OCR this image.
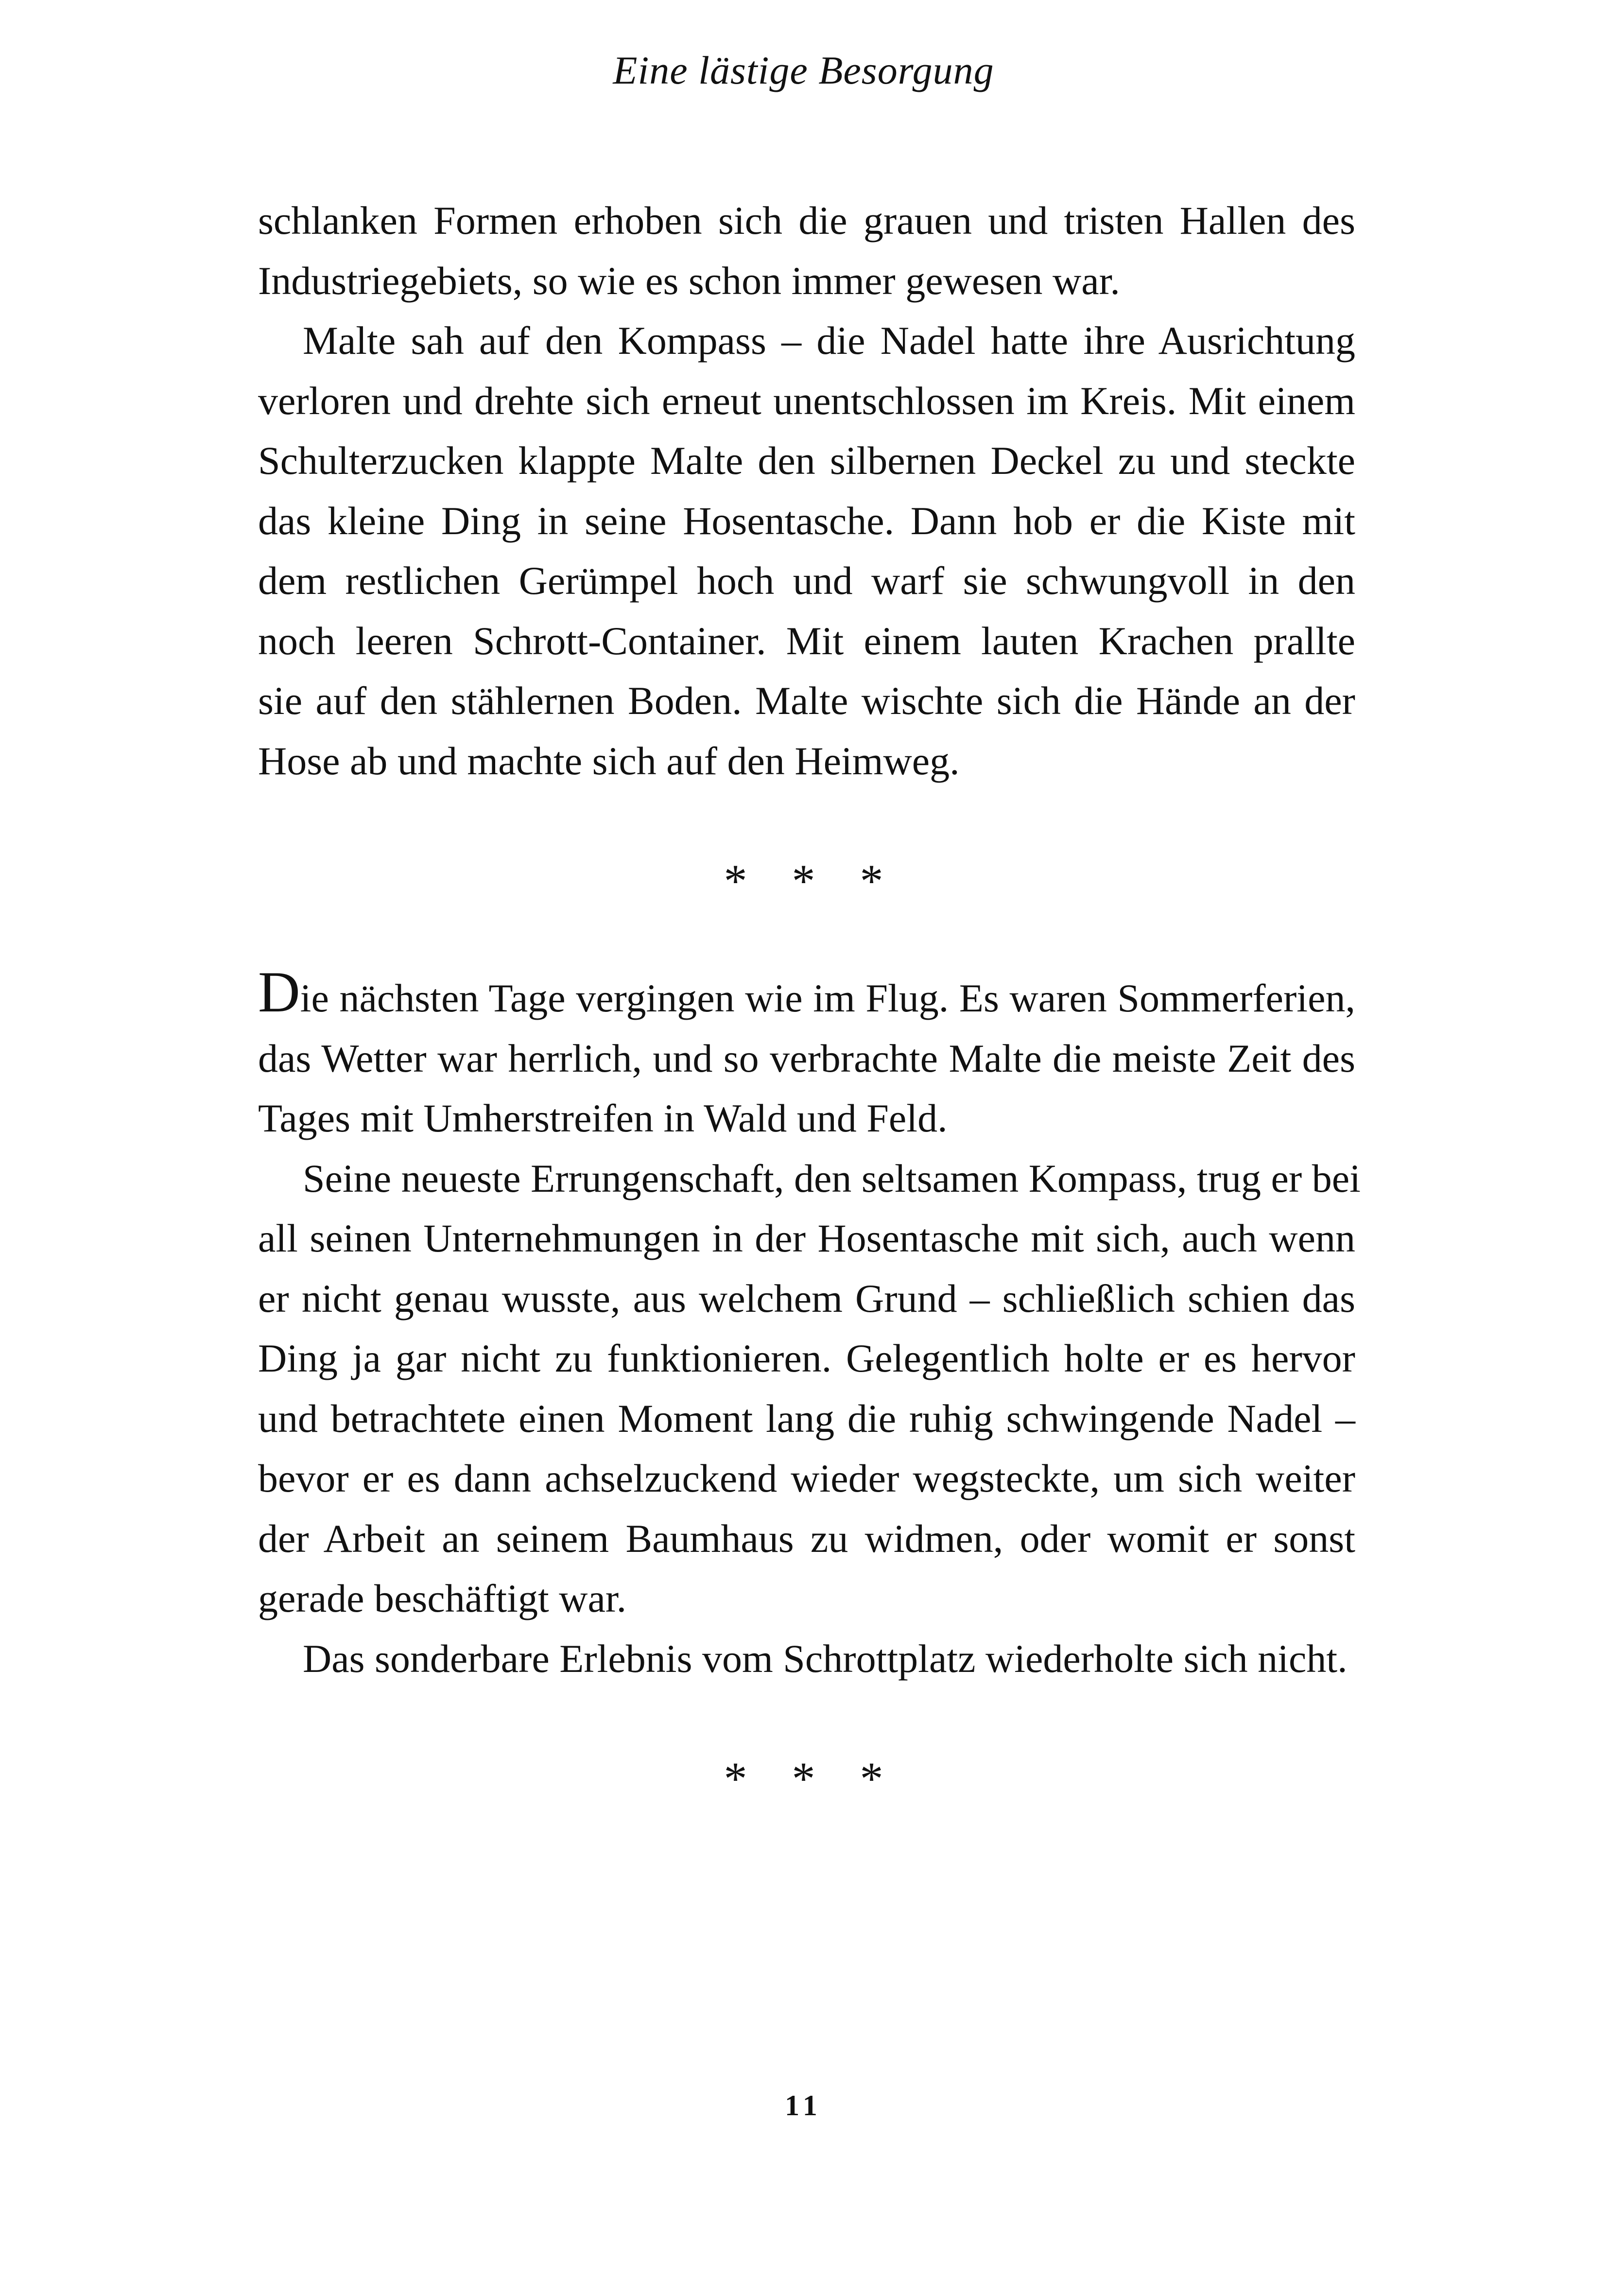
Eine lästige Besorgung

schlanken Formen erhoben sich die grauen und tristen Hallen des

Industriegebiets, so wie es schon immer gewesen war.

Malte sah auf den Kompass – die Nadel hatte ihre Ausrichtung

verloren und drehte sich erneut unentschlossen im Kreis. Mit einem

Schulterzucken klappte Malte den silbernen Deckel zu und steckte

das kleine Ding in seine Hosentasche. Dann hob er die Kiste mit

dem restlichen Gerümpel hoch und warf sie schwungvoll in den

noch leeren Schrott-Container. Mit einem lauten Krachen prallte

sie auf den stählernen Boden. Malte wischte sich die Hände an der

Hose ab und machte sich auf den Heimweg.

* * *

Die nächsten Tage vergingen wie im Flug. Es waren Sommerferien,

das Wetter war herrlich, und so verbrachte Malte die meiste Zeit des

Tages mit Umherstreifen in Wald und Feld.

Seine neueste Errungenschaft, den seltsamen Kompass, trug er bei

all seinen Unternehmungen in der Hosentasche mit sich, auch wenn

er nicht genau wusste, aus welchem Grund – schließlich schien das

Ding ja gar nicht zu funktionieren. Gelegentlich holte er es hervor

und betrachtete einen Moment lang die ruhig schwingende Nadel –

bevor er es dann achselzuckend wieder wegsteckte, um sich weiter

der Arbeit an seinem Baumhaus zu widmen, oder womit er sonst

gerade beschäftigt war.

Das sonderbare Erlebnis vom Schrottplatz wiederholte sich nicht.

* * *
11
